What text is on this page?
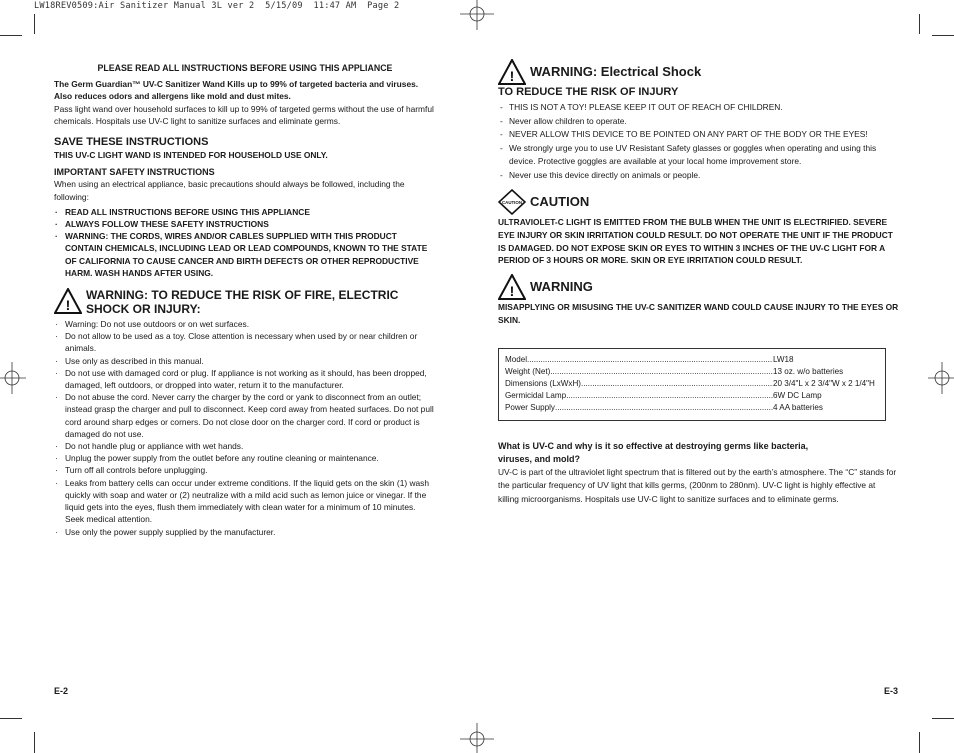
LW18REV0509:Air Sanitizer Manual 3L ver 2  5/15/09  11:47 AM  Page 2

PLEASE READ ALL INSTRUCTIONS BEFORE USING THIS APPLIANCE

The Germ Guardian™ UV-C Sanitizer Wand Kills up to 99% of targeted bacteria and viruses. Also reduces odors and allergens like mold and dust mites.

Pass light wand over household surfaces to kill up to 99% of targeted germs without the use of harmful chemicals. Hospitals use UV-C light to sanitize surfaces and eliminate germs.

SAVE THESE INSTRUCTIONS

THIS UV-C LIGHT WAND IS INTENDED FOR HOUSEHOLD USE ONLY.

IMPORTANT SAFETY INSTRUCTIONS

When using an electrical appliance, basic precautions should always be followed, including the following:

· READ ALL INSTRUCTIONS BEFORE USING THIS APPLIANCE
· ALWAYS FOLLOW THESE SAFETY INSTRUCTIONS
· WARNING: THE CORDS, WIRES AND/OR CABLES SUPPLIED WITH THIS PRODUCT CONTAIN CHEMICALS, INCLUDING LEAD OR LEAD COMPOUNDS, KNOWN TO THE STATE OF CALIFORNIA TO CAUSE CANCER AND BIRTH DEFECTS OR OTHER REPRODUCTIVE HARM. WASH HANDS AFTER USING.
!
WARNING: TO REDUCE THE RISK OF FIRE, ELECTRIC SHOCK OR INJURY:
· Warning: Do not use outdoors or on wet surfaces.
· Do not allow to be used as a toy. Close attention is necessary when used by or near children or animals.
· Use only as described in this manual.
· Do not use with damaged cord or plug. If appliance is not working as it should, has been dropped, damaged, left outdoors, or dropped into water, return it to the manufacturer.
· Do not abuse the cord. Never carry the charger by the cord or yank to disconnect from an outlet; instead grasp the charger and pull to disconnect. Keep cord away from heated surfaces. Do not pull cord around sharp edges or corners. Do not close door on the charger cord. If cord or product is damaged do not use.
· Do not handle plug or appliance with wet hands.
· Unplug the power supply from the outlet before any routine cleaning or maintenance.
· Turn off all controls before unplugging.
· Leaks from battery cells can occur under extreme conditions. If the liquid gets on the skin (1) wash quickly with soap and water or (2) neutralize with a mild acid such as lemon juice or vinegar. If the liquid gets into the eyes, flush them immediately with clean water for a minimum of 10 minutes. Seek medical attention.
· Use only the power supply supplied by the manufacturer.
E-2
!	WARNING: Electrical Shock

TO REDUCE THE RISK OF INJURY

- THIS IS NOT A TOY! PLEASE KEEP IT OUT OF REACH OF CHILDREN.
- Never allow children to operate.
- NEVER ALLOW THIS DEVICE TO BE POINTED ON ANY PART OF THE BODY OR THE EYES!
- We strongly urge you to use UV Resistant Safety glasses or goggles when operating and using this device. Protective goggles are available at your local home improvement store.
- Never use this device directly on animals or people.
CAUTION CAUTION

ULTRAVIOLET-C LIGHT IS EMITTED FROM THE BULB WHEN THE UNIT IS ELECTRIFIED. SEVERE EYE INJURY OR SKIN IRRITATION COULD RESULT. DO NOT OPERATE THE UNIT IF THE PRODUCT IS DAMAGED. DO NOT EXPOSE SKIN OR EYES TO WITHIN 3 INCHES OF THE UV-C LIGHT FOR A PERIOD OF 3 HOURS OR MORE. SKIN OR EYE IRRITATION COULD RESULT.

!	WARNING

MISAPPLYING OR MISUSING THE UV-C SANITIZER WAND COULD CAUSE INJURY TO THE EYES OR SKIN.

Model .....	LW18
Weight (Net) .....	13 oz. w/o batteries
Dimensions (LxWxH) .....	20 3/4"L x 2 3/4"W x 2 1/4"H
Germicidal Lamp .....	6W DC Lamp
Power Supply .....	4 AA batteries

What is UV-C and why is it so effective at destroying germs like bacteria, viruses, and mold?

UV-C is part of the ultraviolet light spectrum that is filtered out by the earth’s atmosphere. The “C” stands for the particular frequency of UV light that kills germs, (200nm to 280nm). UV-C light is highly effective at killing microorganisms. Hospitals use UV-C light to sanitize surfaces and to eliminate germs.

E-3
